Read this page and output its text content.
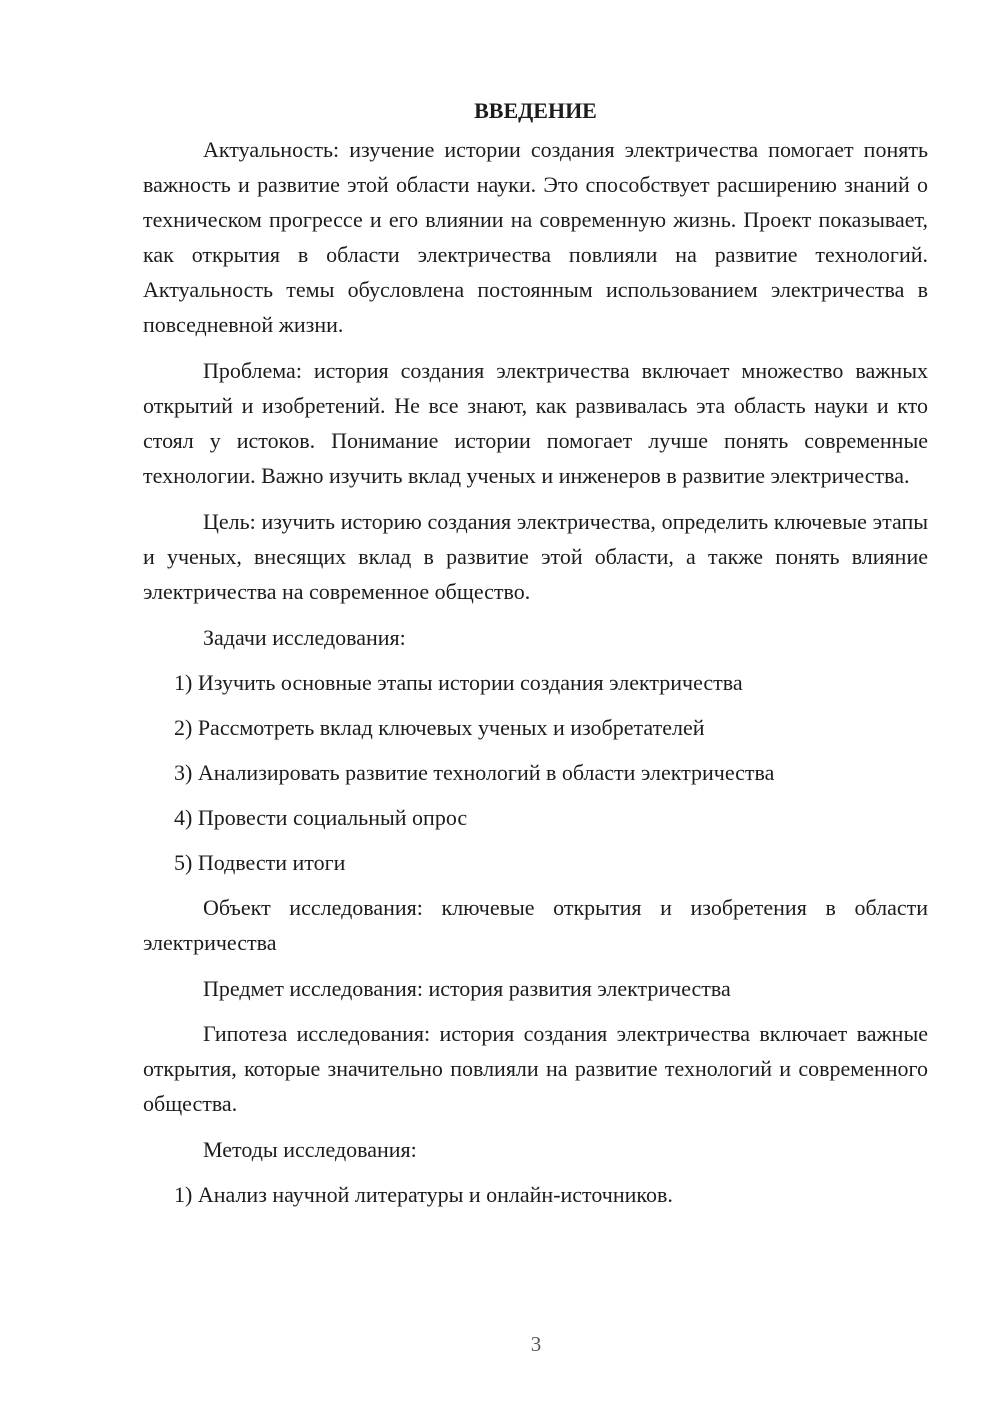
ВВЕДЕНИЕ

Актуальность: изучение истории создания электричества помогает понять важность и развитие этой области науки. Это способствует расширению знаний о техническом прогрессе и его влиянии на современную жизнь. Проект показывает, как открытия в области электричества повлияли на развитие технологий. Актуальность темы обусловлена постоянным использованием электричества в повседневной жизни.

Проблема: история создания электричества включает множество важных открытий и изобретений. Не все знают, как развивалась эта область науки и кто стоял у истоков. Понимание истории помогает лучше понять современные технологии. Важно изучить вклад ученых и инженеров в развитие электричества.

Цель: изучить историю создания электричества, определить ключевые этапы и ученых, внесящих вклад в развитие этой области, а также понять влияние электричества на современное общество.

Задачи исследования:

1) Изучить основные этапы истории создания электричества

2) Рассмотреть вклад ключевых ученых и изобретателей

3) Анализировать развитие технологий в области электричества

4) Провести социальный опрос

5) Подвести итоги

Объект исследования: ключевые открытия и изобретения в области электричества

Предмет исследования: история развития электричества

Гипотеза исследования: история создания электричества включает важные открытия, которые значительно повлияли на развитие технологий и современного общества.

Методы исследования:

1) Анализ научной литературы и онлайн-источников.

3
